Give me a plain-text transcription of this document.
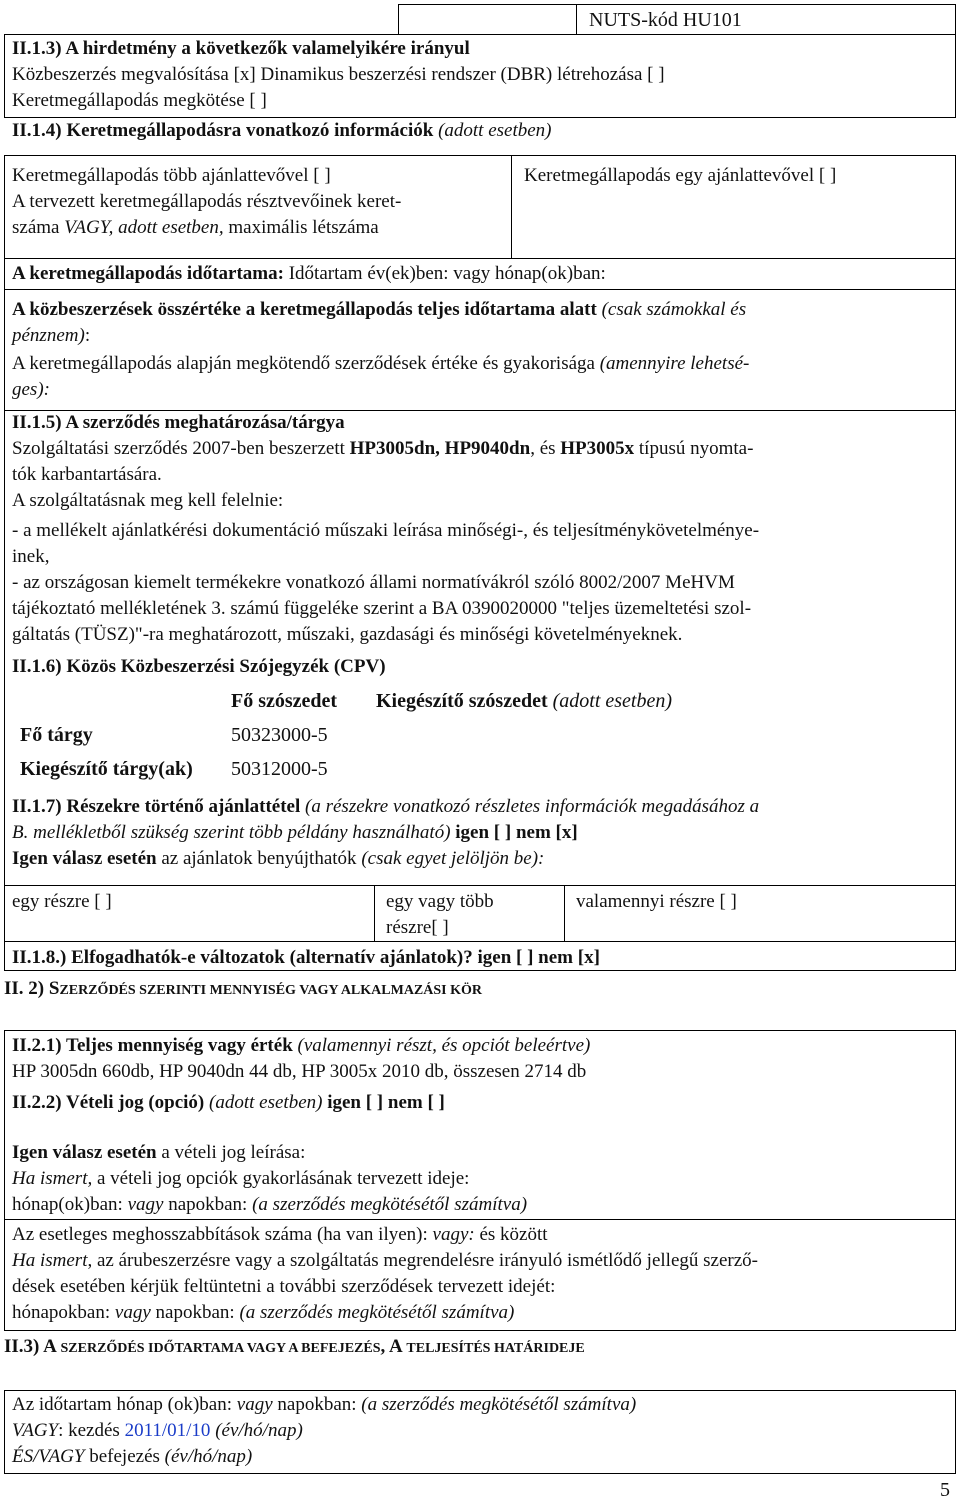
NUTS-kód HU101
II.1.3) A hirdetmény a következők valamelyikére irányul
Közbeszerzés megvalósítása [x] Dinamikus beszerzési rendszer (DBR) létrehozása [ ]
Keretmegállapodás megkötése [ ]
II.1.4) Keretmegállapodásra vonatkozó információk (adott esetben)
Keretmegállapodás több ajánlattevővel [ ]
A tervezett keretmegállapodás résztvevőinek keret-
száma VAGY, adott esetben, maximális létszáma
Keretmegállapodás egy ajánlattevővel [ ]
A keretmegállapodás időtartama: Időtartam év(ek)ben: vagy hónap(ok)ban:
A közbeszerzések összértéke a keretmegállapodás teljes időtartama alatt (csak számokkal és
pénznem):
A keretmegállapodás alapján megkötendő szerződések értéke és gyakorisága (amennyire lehetsé-
ges):
II.1.5) A szerződés meghatározása/tárgya
Szolgáltatási szerződés 2007-ben beszerzett HP3005dn, HP9040dn, és HP3005x típusú nyomta-
tók karbantartására.
A szolgáltatásnak meg kell felelnie:
- a mellékelt ajánlatkérési dokumentáció műszaki leírása minőségi-, és teljesítménykövetelményе-
inek,
- az országosan kiemelt termékekre vonatkozó állami normatívákról szóló 8002/2007 MeHVM
tájékoztató mellékletének 3. számú függeléke szerint a BA 0390020000 "teljes üzemeltetési szol-
gáltatás (TÜSZ)"-ra meghatározott, műszaki, gazdasági és minőségi követelményeknek.
II.1.6) Közös Közbeszerzési Szójegyzék (CPV)
Fő szószedet Kiegészítő szószedet (adott esetben)
Fő tárgy	50323000-5
Kiegészítő tárgy(ak) 50312000-5
II.1.7) Részekre történő ajánlattétel (a részekre vonatkozó részletes információk megadásához a
B. mellékletből szükség szerint több példány használható) igen [ ] nem [x]
Igen válasz esetén az ajánlatok benyújthatók (csak egyet jelöljön be):
egy részre [ ]	egy vagy több
részre[ ]
valamennyi részre [ ]
II.1.8.) Elfogadhatók-e változatok (alternatív ajánlatok)? igen [ ] nem [x]
II. 2) SZERZŐDÉS SZERINTI MENNYISÉG VAGY ALKALMAZÁSI KÖR
II.2.1) Teljes mennyiség vagy érték (valamennyi részt, és opciót beleértve)
HP 3005dn 660db, HP 9040dn 44 db, HP 3005x 2010 db, összesen 2714 db
II.2.2) Vételi jog (opció) (adott esetben) igen [ ] nem [ ]
Igen válasz esetén a vételi jog leírása:
Ha ismert, a vételi jog opciók gyakorlásának tervezett ideje:
hónap(ok)ban: vagy napokban: (a szerződés megkötésétől számítva)
Az esetleges meghosszabbítások száma (ha van ilyen): vagy: és között
Ha ismert, az árubeszerzésre vagy a szolgáltatás megrendelésre irányuló ismétlődő jellegű szerző-
dések esetében kérjük feltüntetni a további szerződések tervezett idejét:
hónapokban: vagy napokban: (a szerződés megkötésétől számítva)
II.3) A SZERZŐDÉS IDŐTARTAMA VAGY A BEFEJEZÉS, A TELJESÍTÉS HATÁRIDEJE
Az időtartam hónap (ok)ban: vagy napokban: (a szerződés megkötésétől számítva)
VAGY: kezdés 2011/01/10 (év/hó/nap)
ÉS/VAGY befejezés (év/hó/nap)
5
